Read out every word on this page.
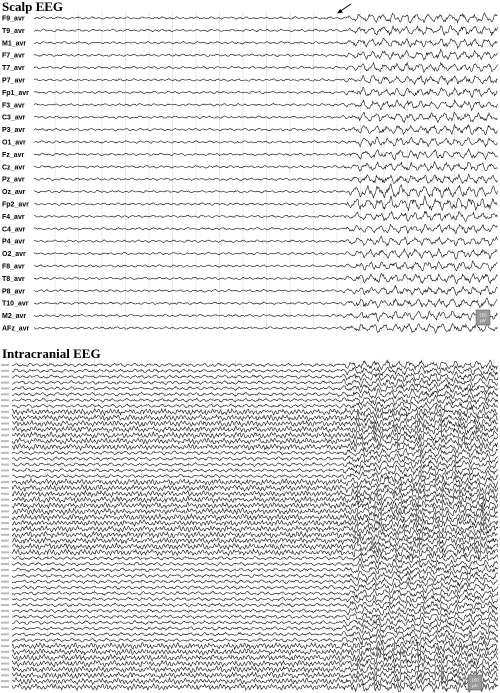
Scalp EEG
F9_avr
T9_avr
M1_avr
F7_avr
T7_avr
P7_avr
Fp1_avr
F3_avr
C3_avr
P3_avr
O1_avr
Fz_avr
Cz_avr
Pz_avr
Oz_avr
Fp2_avr
F4_avr
C4_avr
P4_avr
O2_avr
F8_avr
T8_avr
P8_avr
T10_avr
M2_avr
AFz_avr
150
µV
Intracranial EEG
150
µV
